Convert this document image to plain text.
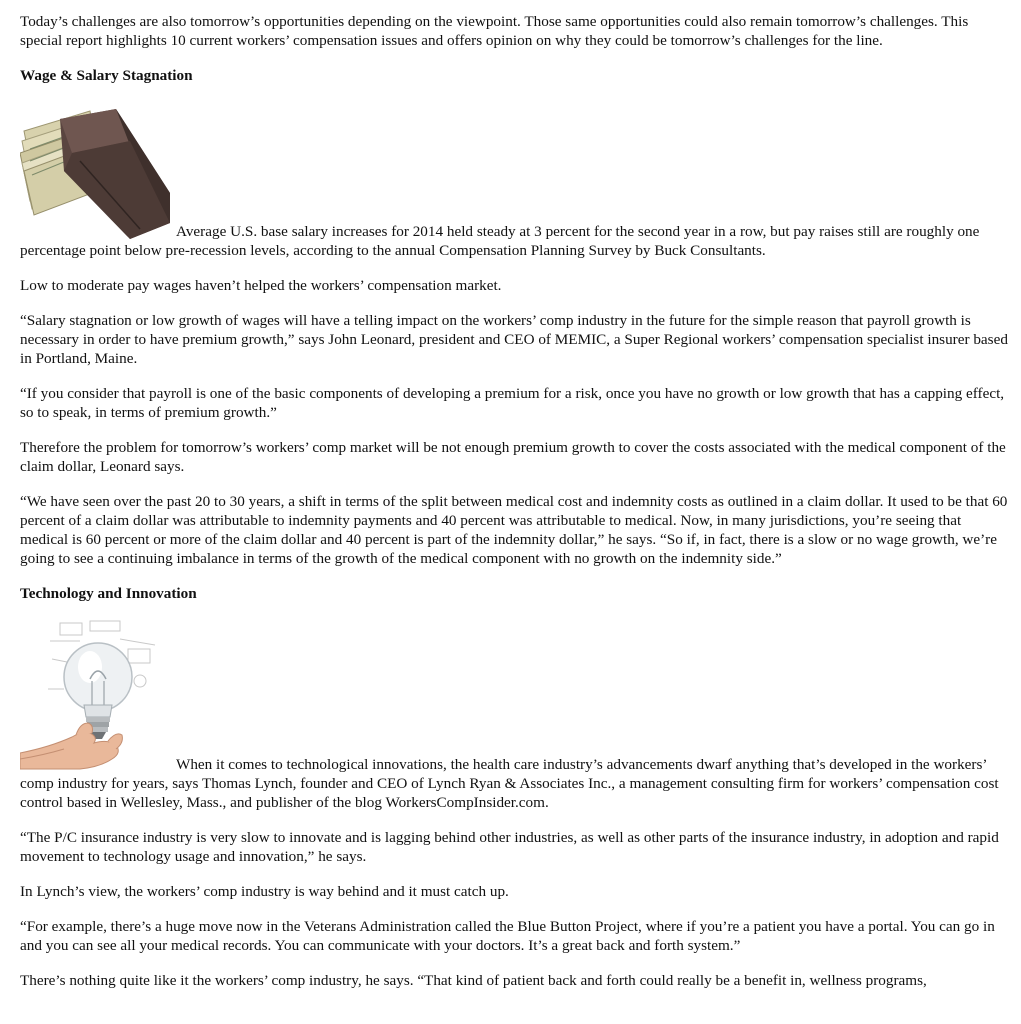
Today’s challenges are also tomorrow’s opportunities depending on the viewpoint. Those same opportunities could also remain tomorrow’s challenges. This special report highlights 10 current workers’ compensation issues and offers opinion on why they could be tomorrow’s challenges for the line.

Wage & Salary Stagnation

Average U.S. base salary increases for 2014 held steady at 3 percent for the second year in a row, but pay raises still are roughly one percentage point below pre-recession levels, according to the annual Compensation Planning Survey by Buck Consultants.

Low to moderate pay wages haven’t helped the workers’ compensation market.

“Salary stagnation or low growth of wages will have a telling impact on the workers’ comp industry in the future for the simple reason that payroll growth is necessary in order to have premium growth,” says John Leonard, president and CEO of MEMIC, a Super Regional workers’ compensation specialist insurer based in Portland, Maine.

“If you consider that payroll is one of the basic components of developing a premium for a risk, once you have no growth or low growth that has a capping effect, so to speak, in terms of premium growth.”

Therefore the problem for tomorrow’s workers’ comp market will be not enough premium growth to cover the costs associated with the medical component of the claim dollar, Leonard says.

“We have seen over the past 20 to 30 years, a shift in terms of the split between medical cost and indemnity costs as outlined in a claim dollar. It used to be that 60 percent of a claim dollar was attributable to indemnity payments and 40 percent was attributable to medical. Now, in many jurisdictions, you’re seeing that medical is 60 percent or more of the claim dollar and 40 percent is part of the indemnity dollar,” he says. “So if, in fact, there is a slow or no wage growth, we’re going to see a continuing imbalance in terms of the growth of the medical component with no growth on the indemnity side.”

Technology and Innovation

When it comes to technological innovations, the health care industry’s advancements dwarf anything that’s developed in the workers’ comp industry for years, says Thomas Lynch, founder and CEO of Lynch Ryan & Associates Inc., a management consulting firm for workers’ compensation cost control based in Wellesley, Mass., and publisher of the blog WorkersCompInsider.com.

“The P/C insurance industry is very slow to innovate and is lagging behind other industries, as well as other parts of the insurance industry, in adoption and rapid movement to technology usage and innovation,” he says.

In Lynch’s view, the workers’ comp industry is way behind and it must catch up.

“For example, there’s a huge move now in the Veterans Administration called the Blue Button Project, where if you’re a patient you have a portal. You can go in and you can see all your medical records. You can communicate with your doctors. It’s a great back and forth system.”

There’s nothing quite like it the workers’ comp industry, he says. “That kind of patient back and forth could really be a benefit in, wellness programs,
